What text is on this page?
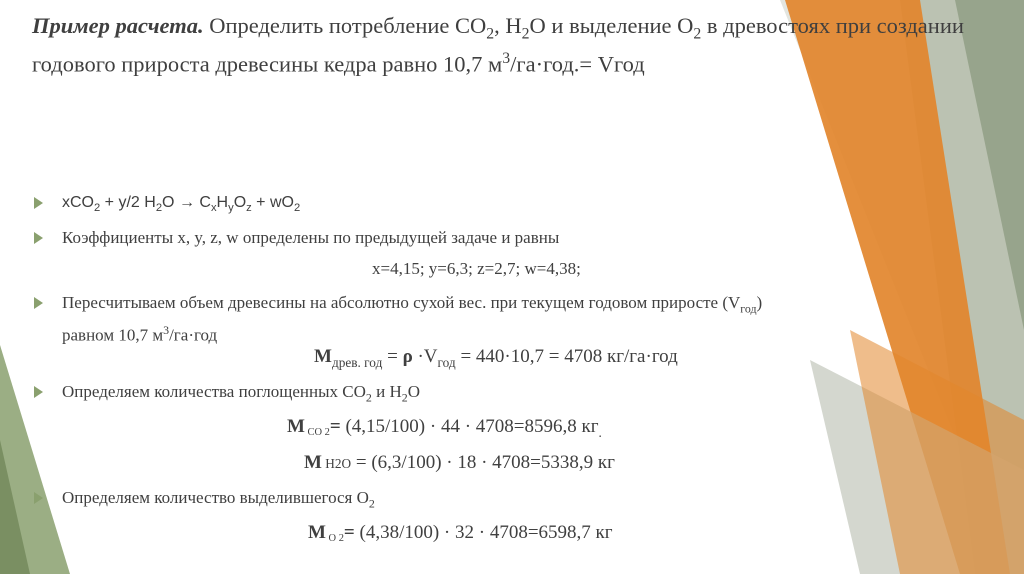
Пример расчета. Определить потребление $CO_2$, $H_2O$ и выделение $O_2$ в древостоях при создании годового прироста древесины кедра равно 10,7 $м^3/га\cdot год.=$ Vгод
xCO$_2$ + y/2 $H_2O \to C_xH_yO_z + wO_2$
Коэффициенты x, y, z, w определены по предыдущей задаче и равны
x=4,15; y=6,3; z=2,7; w=4,38;
Пересчитываем объем древесины на абсолютно сухой вес. при текущем годовом приросте $(V_{год})$
равном 10,7 $м^3/га\cdot год$
$M_{древ. год} = \rho \cdot V_{год} = 440\cdot 10,7 = 4708$ кг/га·год
Определяем количества поглощенных $CO_2$ и $H_2O$
M CO 2= (4,15/100) · 44 · 4708=8596,8 $кг_.$
M H2O = (6,3/100) · 18 · 4708=5338,9 кг
Определяем количество выделившегося $O_2$
M O 2= (4,38/100) · 32 · 4708=6598,7 кг
